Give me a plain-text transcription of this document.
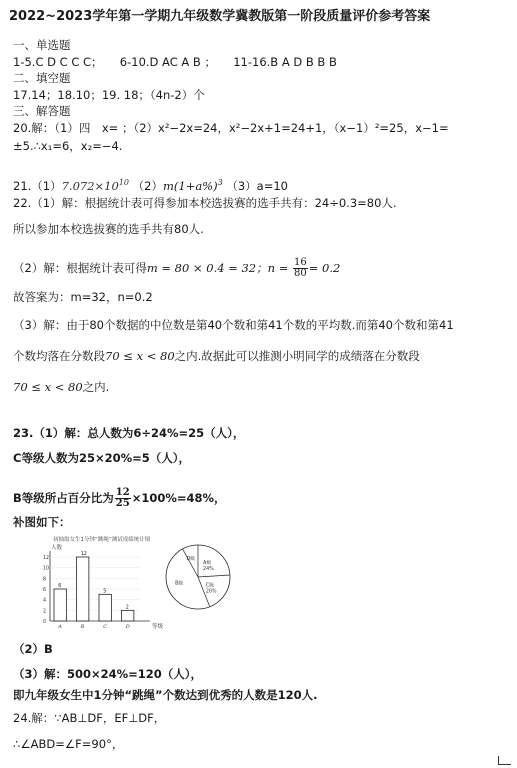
2022~2023学年第一学期九年级数学冀教版第一阶段质量评价参考答案
一、单选题
1-5.C D C C C；　　6-10.D AC A B ；　　11-16.B A D B B B
二、填空题
17.14；18.10；19. 18；（4n-2）个
三、解答题
20.解：（1）四　x= ；（2）x²−2x=24，x²−2x+1=24+1，（x−1）²=25，x−1=
±5.∴x₁=6，x₂=−4.
$21.(1)7.072\times 10^{10}$ $(2)m(1+a\%)^3$ （3）a=10
22.（1）解：根据统计表可得参加本校选拔赛的选手共有：24÷0.3=80人.
所以参加本校选拔赛的选手共有80人.
（2）解：根据统计表可得m = 80 × 0.4 = 32；$n = \frac{16}{80} = 0.2$
故答案为：m=32，n=0.2
（3）解：由于80个数据的中位数是第40个数和第41个数的平均数.而第40个数和第41
个数均落在分数段70 ≤ x < 80之内.故据此可以推测小明同学的成绩落在分数段
70 ≤ x < 80之内.
23.（1）解：总人数为6÷24%=25（人），
C等级人数为25×20%=5（人），
B等级所占百分比为 $\frac{12}{25} \times 100\%=48\%$，
补图如下：
初抽取女生1分钟“跳绳”测试成绩统计图
人数
等级
0
2
4
6
8
10
12
6
A
12
B
5
C
2
D
A级
24%
C级
20%
B级
D级
（2）B
（3）解：500×24%=120（人），
即九年级女生中1分钟“跳绳”个数达到优秀的人数是120人.
24.解：∵AB⊥DF，EF⊥DF，
∴∠ABD=∠F=90°，
